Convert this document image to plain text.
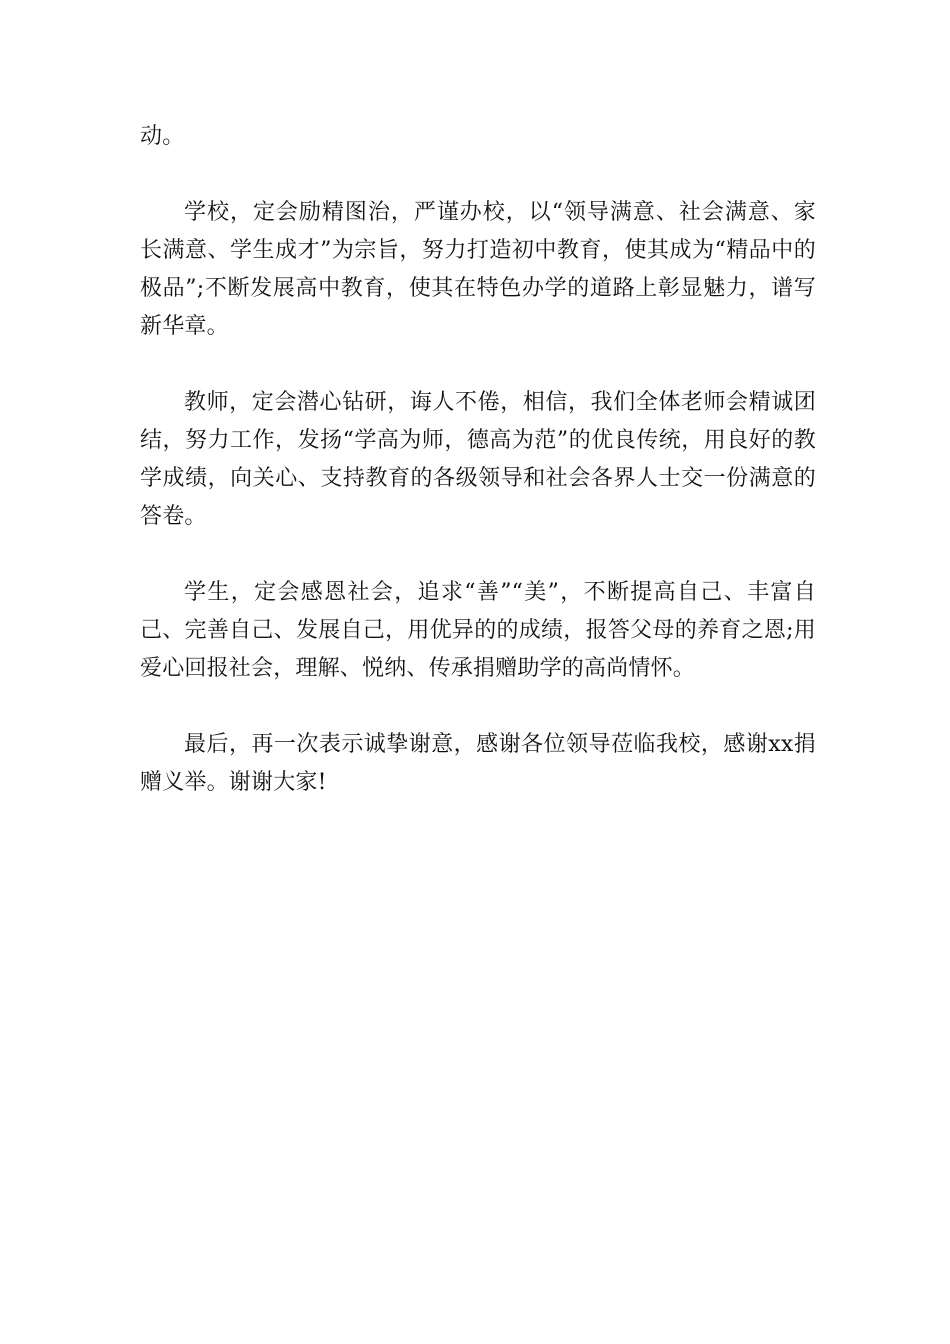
动。

学校，定会励精图治，严谨办校，以“领导满意、社会满意、家长满意、学生成才”为宗旨，努力打造初中教育，使其成为“精品中的极品”;不断发展高中教育，使其在特色办学的道路上彰显魅力，谱写新华章。

教师，定会潜心钻研，诲人不倦，相信，我们全体老师会精诚团结，努力工作，发扬“学高为师，德高为范”的优良传统，用良好的教学成绩，向关心、支持教育的各级领导和社会各界人士交一份满意的答卷。

学生，定会感恩社会，追求“善”“美”，不断提高自己、丰富自己、完善自己、发展自己，用优异的的成绩，报答父母的养育之恩;用爱心回报社会，理解、悦纳、传承捐赠助学的高尚情怀。

最后，再一次表示诚挚谢意，感谢各位领导莅临我校，感谢xx捐赠义举。谢谢大家!
